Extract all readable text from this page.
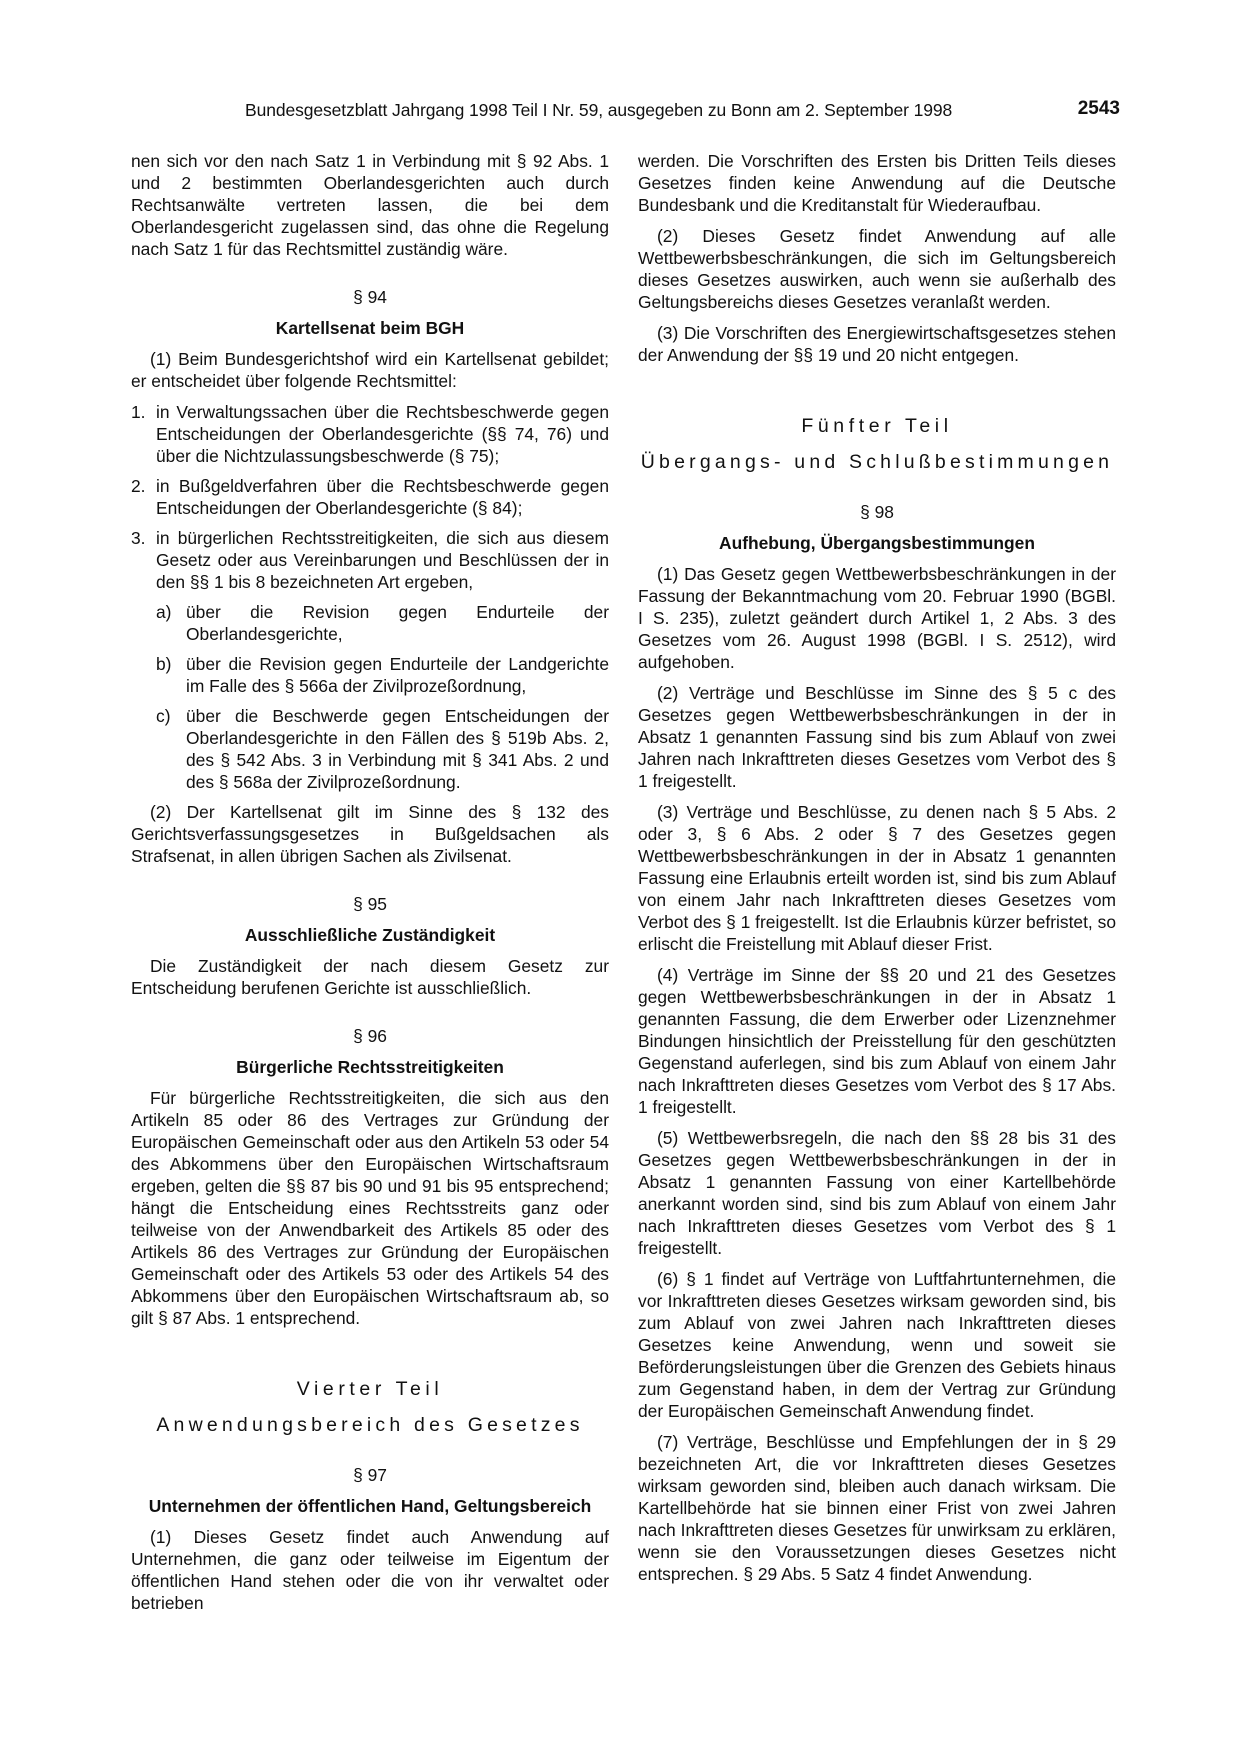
Bundesgesetzblatt Jahrgang 1998 Teil I Nr. 59, ausgegeben zu Bonn am 2. September 1998	2543

nen sich vor den nach Satz 1 in Verbindung mit § 92 Abs. 1 und 2 bestimmten Oberlandesgerichten auch durch Rechtsanwälte vertreten lassen, die bei dem Oberlandesgericht zugelassen sind, das ohne die Regelung nach Satz 1 für das Rechtsmittel zuständig wäre.

§ 94
Kartellsenat beim BGH

(1) Beim Bundesgerichtshof wird ein Kartellsenat gebildet; er entscheidet über folgende Rechtsmittel:

1. in Verwaltungssachen über die Rechtsbeschwerde gegen Entscheidungen der Oberlandesgerichte (§§ 74, 76) und über die Nichtzulassungsbeschwerde (§ 75);
2. in Bußgeldverfahren über die Rechtsbeschwerde gegen Entscheidungen der Oberlandesgerichte (§ 84);
3. in bürgerlichen Rechtsstreitigkeiten, die sich aus diesem Gesetz oder aus Vereinbarungen und Beschlüssen der in den §§ 1 bis 8 bezeichneten Art ergeben,
a) über die Revision gegen Endurteile der Oberlandesgerichte,
b) über die Revision gegen Endurteile der Landgerichte im Falle des § 566a der Zivilprozeßordnung,
c) über die Beschwerde gegen Entscheidungen der Oberlandesgerichte in den Fällen des § 519b Abs. 2, des § 542 Abs. 3 in Verbindung mit § 341 Abs. 2 und des § 568a der Zivilprozeßordnung.

(2) Der Kartellsenat gilt im Sinne des § 132 des Gerichtsverfassungsgesetzes in Bußgeldsachen als Strafsenat, in allen übrigen Sachen als Zivilsenat.

§ 95
Ausschließliche Zuständigkeit

Die Zuständigkeit der nach diesem Gesetz zur Entscheidung berufenen Gerichte ist ausschließlich.

§ 96
Bürgerliche Rechtsstreitigkeiten

Für bürgerliche Rechtsstreitigkeiten, die sich aus den Artikeln 85 oder 86 des Vertrages zur Gründung der Europäischen Gemeinschaft oder aus den Artikeln 53 oder 54 des Abkommens über den Europäischen Wirtschaftsraum ergeben, gelten die §§ 87 bis 90 und 91 bis 95 entsprechend; hängt die Entscheidung eines Rechtsstreits ganz oder teilweise von der Anwendbarkeit des Artikels 85 oder des Artikels 86 des Vertrages zur Gründung der Europäischen Gemeinschaft oder des Artikels 53 oder des Artikels 54 des Abkommens über den Europäischen Wirtschaftsraum ab, so gilt § 87 Abs. 1 entsprechend.

Vierter Teil
Anwendungsbereich des Gesetzes
§ 97
Unternehmen der öffentlichen Hand, Geltungsbereich

(1) Dieses Gesetz findet auch Anwendung auf Unternehmen, die ganz oder teilweise im Eigentum der öffentlichen Hand stehen oder die von ihr verwaltet oder betrieben

werden. Die Vorschriften des Ersten bis Dritten Teils dieses Gesetzes finden keine Anwendung auf die Deutsche Bundesbank und die Kreditanstalt für Wiederaufbau.

(2) Dieses Gesetz findet Anwendung auf alle Wettbewerbsbeschränkungen, die sich im Geltungsbereich dieses Gesetzes auswirken, auch wenn sie außerhalb des Geltungsbereichs dieses Gesetzes veranlaßt werden.

(3) Die Vorschriften des Energiewirtschaftsgesetzes stehen der Anwendung der §§ 19 und 20 nicht entgegen.

Fünfter Teil
Übergangs- und Schlußbestimmungen
§ 98
Aufhebung, Übergangsbestimmungen

(1) Das Gesetz gegen Wettbewerbsbeschränkungen in der Fassung der Bekanntmachung vom 20. Februar 1990 (BGBl. I S. 235), zuletzt geändert durch Artikel 1, 2 Abs. 3 des Gesetzes vom 26. August 1998 (BGBl. I S. 2512), wird aufgehoben.

(2) Verträge und Beschlüsse im Sinne des § 5 c des Gesetzes gegen Wettbewerbsbeschränkungen in der in Absatz 1 genannten Fassung sind bis zum Ablauf von zwei Jahren nach Inkrafttreten dieses Gesetzes vom Verbot des § 1 freigestellt.

(3) Verträge und Beschlüsse, zu denen nach § 5 Abs. 2 oder 3, § 6 Abs. 2 oder § 7 des Gesetzes gegen Wettbewerbsbeschränkungen in der in Absatz 1 genannten Fassung eine Erlaubnis erteilt worden ist, sind bis zum Ablauf von einem Jahr nach Inkrafttreten dieses Gesetzes vom Verbot des § 1 freigestellt. Ist die Erlaubnis kürzer befristet, so erlischt die Freistellung mit Ablauf dieser Frist.

(4) Verträge im Sinne der §§ 20 und 21 des Gesetzes gegen Wettbewerbsbeschränkungen in der in Absatz 1 genannten Fassung, die dem Erwerber oder Lizenznehmer Bindungen hinsichtlich der Preisstellung für den geschützten Gegenstand auferlegen, sind bis zum Ablauf von einem Jahr nach Inkrafttreten dieses Gesetzes vom Verbot des § 17 Abs. 1 freigestellt.

(5) Wettbewerbsregeln, die nach den §§ 28 bis 31 des Gesetzes gegen Wettbewerbsbeschränkungen in der in Absatz 1 genannten Fassung von einer Kartellbehörde anerkannt worden sind, sind bis zum Ablauf von einem Jahr nach Inkrafttreten dieses Gesetzes vom Verbot des § 1 freigestellt.

(6) § 1 findet auf Verträge von Luftfahrtunternehmen, die vor Inkrafttreten dieses Gesetzes wirksam geworden sind, bis zum Ablauf von zwei Jahren nach Inkrafttreten dieses Gesetzes keine Anwendung, wenn und soweit sie Beförderungsleistungen über die Grenzen des Gebiets hinaus zum Gegenstand haben, in dem der Vertrag zur Gründung der Europäischen Gemeinschaft Anwendung findet.

(7) Verträge, Beschlüsse und Empfehlungen der in § 29 bezeichneten Art, die vor Inkrafttreten dieses Gesetzes wirksam geworden sind, bleiben auch danach wirksam. Die Kartellbehörde hat sie binnen einer Frist von zwei Jahren nach Inkrafttreten dieses Gesetzes für unwirksam zu erklären, wenn sie den Voraussetzungen dieses Gesetzes nicht entsprechen. § 29 Abs. 5 Satz 4 findet Anwendung.
